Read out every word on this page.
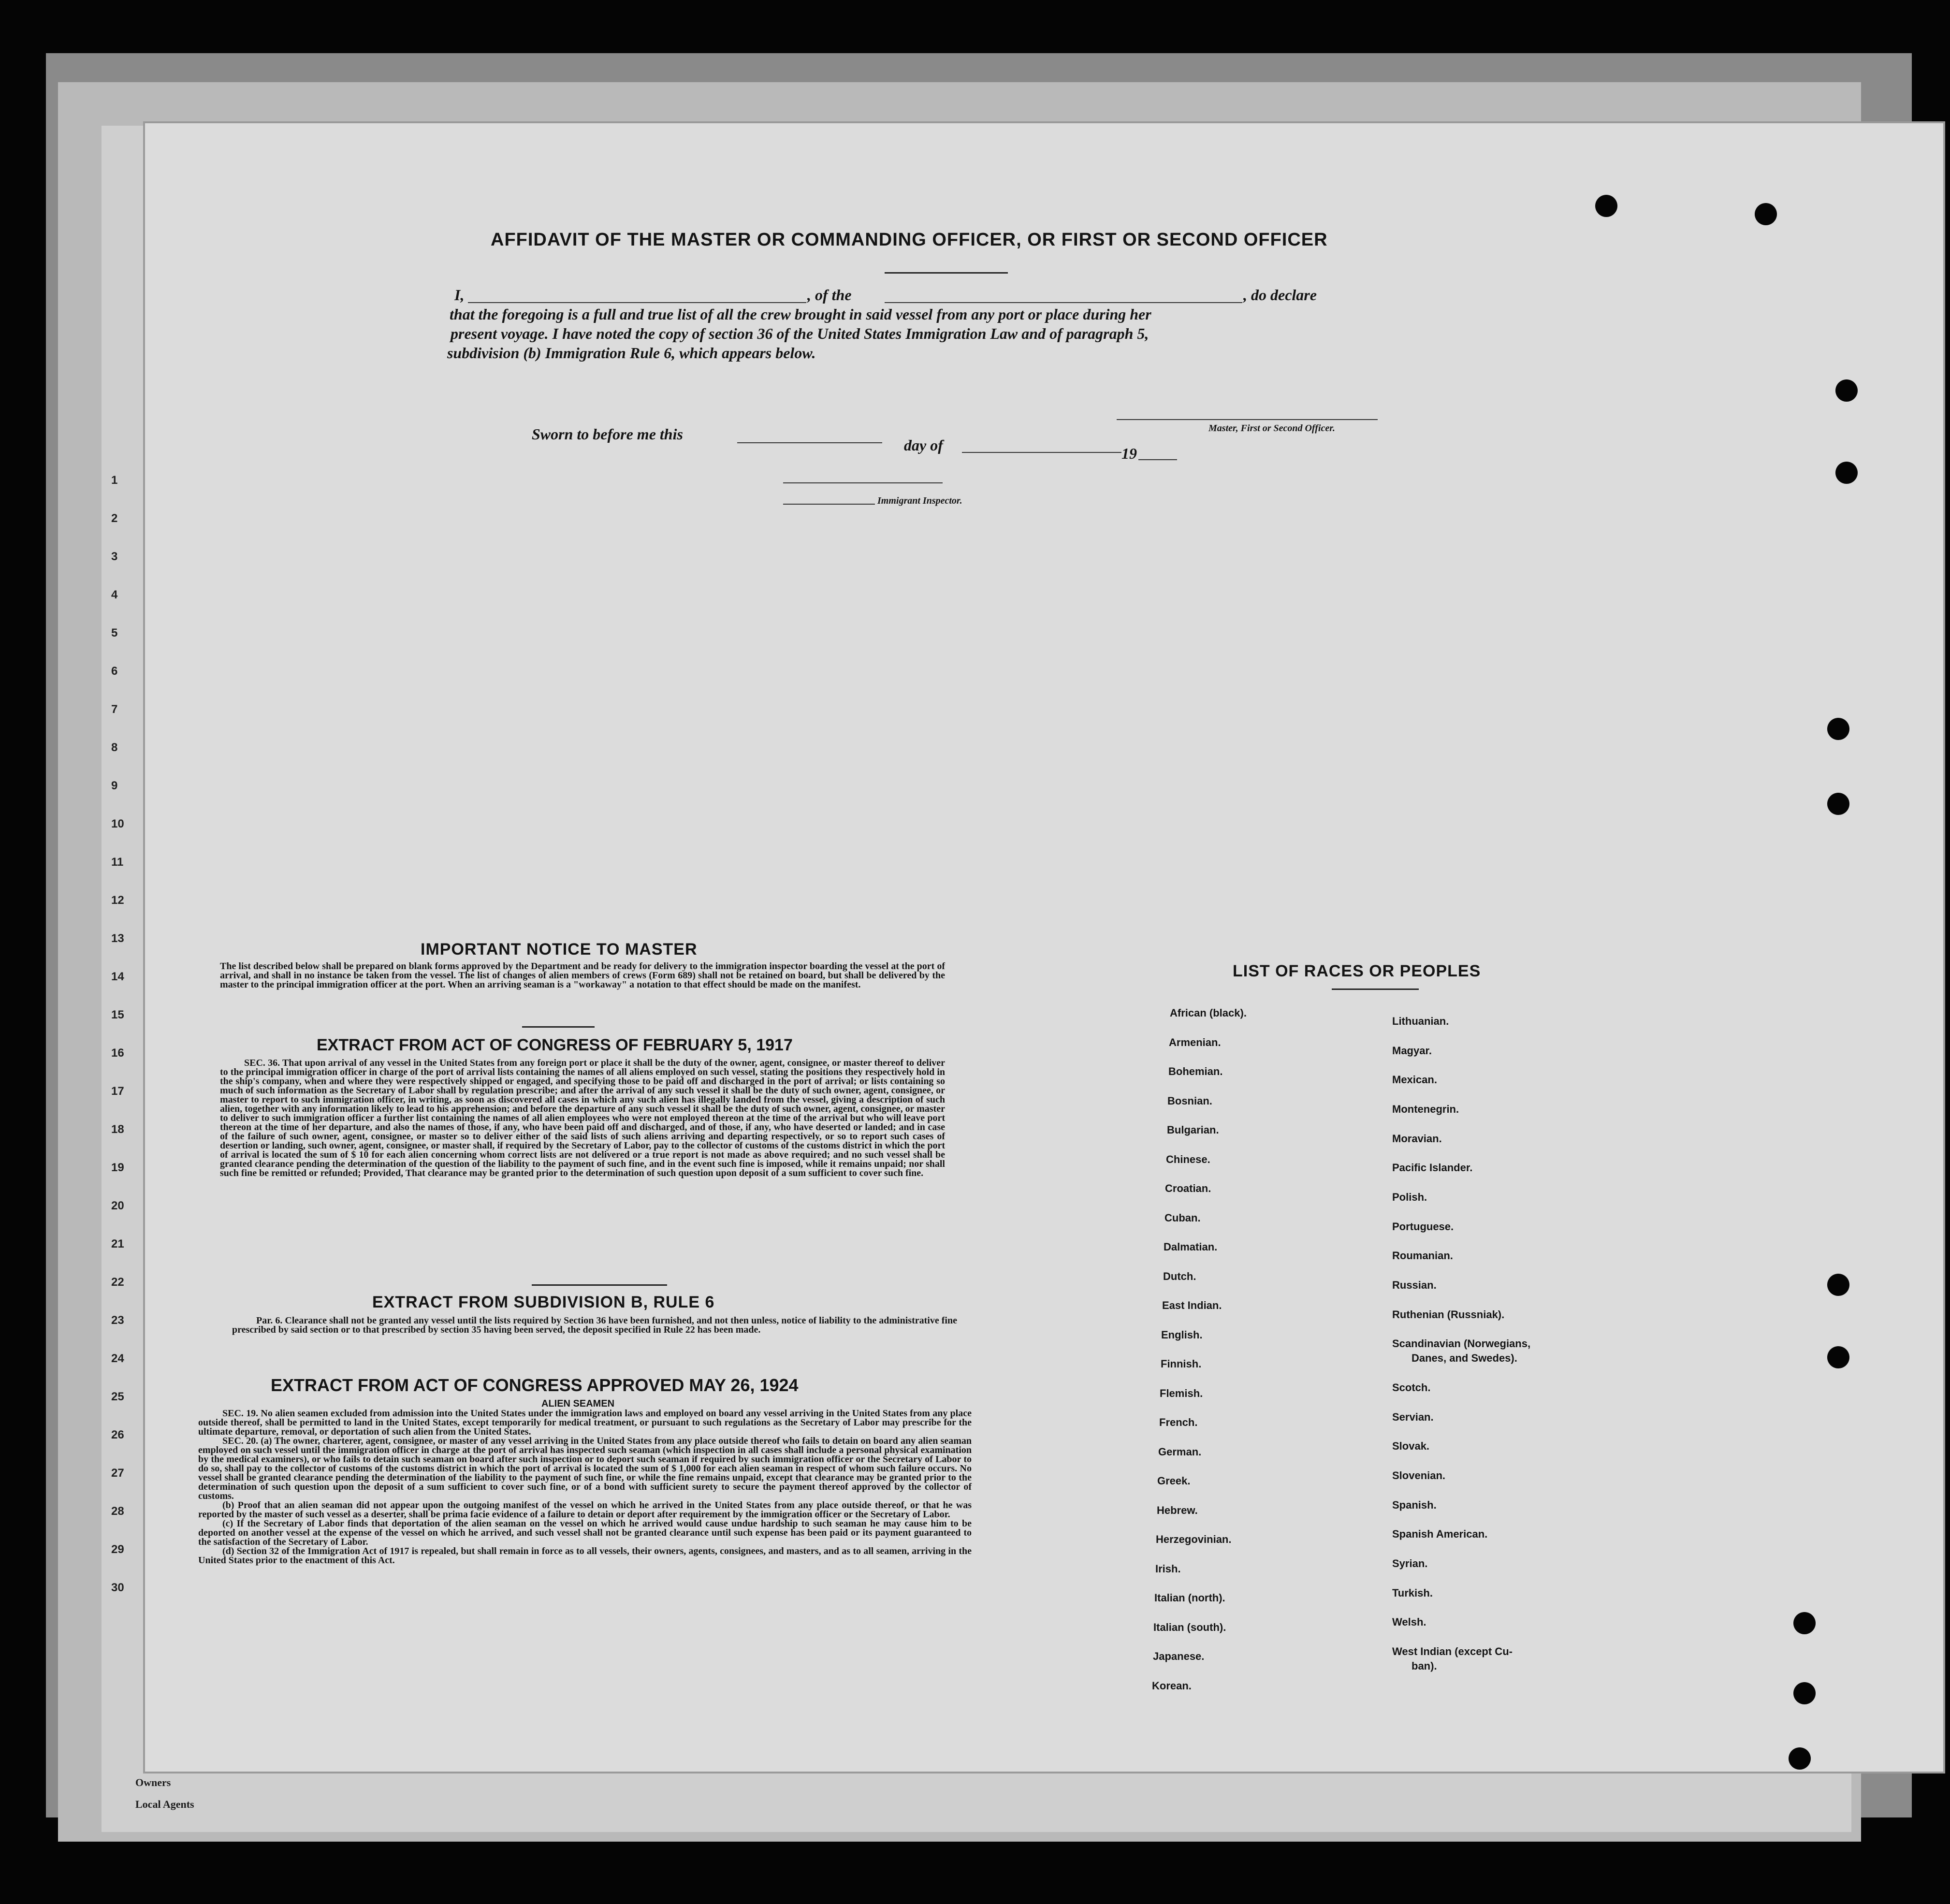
1
2
3
4
5
6
7
8
9
10
11
12
13
14
15
16
17
18
19
20
21
22
23
24
25
26
27
28
29
30
Owners
Local Agents
AFFIDAVIT OF THE MASTER OR COMMANDING OFFICER, OR FIRST OR SECOND OFFICER
I,	, of the	, do declare
that the foregoing is a full and true list of all the crew brought in said vessel from any port or place during her
present voyage. I have noted the copy of section 36 of the United States Immigration Law and of paragraph 5,
subdivision (b) Immigration Rule 6, which appears below.
Master, First or Second Officer.
Sworn to before me this
day of	19
Immigrant Inspector.
IMPORTANT NOTICE TO MASTER
The list described below shall be prepared on blank forms approved by the Department and be ready for delivery to the immigration inspector boarding the vessel at the port of arrival, and shall in no instance be taken from the vessel. The list of changes of alien members of crews (Form 689) shall not be retained on board, but shall be delivered by the master to the principal immigration officer at the port. When an arriving seaman is a "workaway" a notation to that effect should be made on the manifest.
EXTRACT FROM ACT OF CONGRESS OF FEBRUARY 5, 1917
SEC. 36. That upon arrival of any vessel in the United States from any foreign port or place it shall be the duty of the owner, agent, consignee, or master thereof to deliver to the principal immigration officer in charge of the port of arrival lists containing the names of all aliens employed on such vessel, stating the positions they respectively hold in the ship's company, when and where they were respectively shipped or engaged, and specifying those to be paid off and discharged in the port of arrival; or lists containing so much of such information as the Secretary of Labor shall by regulation prescribe; and after the arrival of any such vessel it shall be the duty of such owner, agent, consignee, or master to report to such immigration officer, in writing, as soon as discovered all cases in which any such alien has illegally landed from the vessel, giving a description of such alien, together with any information likely to lead to his apprehension; and before the departure of any such vessel it shall be the duty of such owner, agent, consignee, or master to deliver to such immigration officer a further list containing the names of all alien employees who were not employed thereon at the time of the arrival but who will leave port thereon at the time of her departure, and also the names of those, if any, who have been paid off and discharged, and of those, if any, who have deserted or landed; and in case of the failure of such owner, agent, consignee, or master so to deliver either of the said lists of such aliens arriving and departing respectively, or so to report such cases of desertion or landing, such owner, agent, consignee, or master shall, if required by the Secretary of Labor, pay to the collector of customs of the customs district in which the port of arrival is located the sum of $ 10 for each alien concerning whom correct lists are not delivered or a true report is not made as above required; and no such vessel shall be granted clearance pending the determination of the question of the liability to the payment of such fine, and in the event such fine is imposed, while it remains unpaid; nor shall such fine be remitted or refunded; Provided, That clearance may be granted prior to the determination of such question upon deposit of a sum sufficient to cover such fine.
EXTRACT FROM SUBDIVISION B, RULE 6
Par. 6. Clearance shall not be granted any vessel until the lists required by Section 36 have been furnished, and not then unless, notice of liability to the administrative fine prescribed by said section or to that prescribed by section 35 having been served, the deposit specified in Rule 22 has been made.
EXTRACT FROM ACT OF CONGRESS APPROVED MAY 26, 1924
ALIEN SEAMEN
SEC. 19. No alien seamen excluded from admission into the United States under the immigration laws and employed on board any vessel arriving in the United States from any place outside thereof, shall be permitted to land in the United States, except temporarily for medical treatment, or pursuant to such regulations as the Secretary of Labor may prescribe for the ultimate departure, removal, or deportation of such alien from the United States.
SEC. 20. (a) The owner, charterer, agent, consignee, or master of any vessel arriving in the United States from any place outside thereof who fails to detain on board any alien seaman employed on such vessel until the immigration officer in charge at the port of arrival has inspected such seaman (which inspection in all cases shall include a personal physical examination by the medical examiners), or who fails to detain such seaman on board after such inspection or to deport such seaman if required by such immigration officer or the Secretary of Labor to do so, shall pay to the collector of customs of the customs district in which the port of arrival is located the sum of $ 1,000 for each alien seaman in respect of whom such failure occurs. No vessel shall be granted clearance pending the determination of the liability to the payment of such fine, or while the fine remains unpaid, except that clearance may be granted prior to the determination of such question upon the deposit of a sum sufficient to cover such fine, or of a bond with sufficient surety to secure the payment thereof approved by the collector of customs.
(b) Proof that an alien seaman did not appear upon the outgoing manifest of the vessel on which he arrived in the United States from any place outside thereof, or that he was reported by the master of such vessel as a deserter, shall be prima facie evidence of a failure to detain or deport after requirement by the immigration officer or the Secretary of Labor.
(c) If the Secretary of Labor finds that deportation of the alien seaman on the vessel on which he arrived would cause undue hardship to such seaman he may cause him to be deported on another vessel at the expense of the vessel on which he arrived, and such vessel shall not be granted clearance until such expense has been paid or its payment guaranteed to the satisfaction of the Secretary of Labor.
(d) Section 32 of the Immigration Act of 1917 is repealed, but shall remain in force as to all vessels, their owners, agents, consignees, and masters, and as to all seamen, arriving in the United States prior to the enactment of this Act.
LIST OF RACES OR PEOPLES
African (black).
Armenian.
Bohemian.
Bosnian.
Bulgarian.
Chinese.
Croatian.
Cuban.
Dalmatian.
Dutch.
East Indian.
English.
Finnish.
Flemish.
French.
German.
Greek.
Hebrew.
Herzegovinian.
Irish.
Italian (north).
Italian (south).
Japanese.
Korean.
Lithuanian.
Magyar.
Mexican.
Montenegrin.
Moravian.
Pacific Islander.
Polish.
Portuguese.
Roumanian.
Russian.
Ruthenian (Russniak).
Scandinavian (Norwegians,
Danes, and Swedes).
Scotch.
Servian.
Slovak.
Slovenian.
Spanish.
Spanish American.
Syrian.
Turkish.
Welsh.
West Indian (except Cu-
ban).
